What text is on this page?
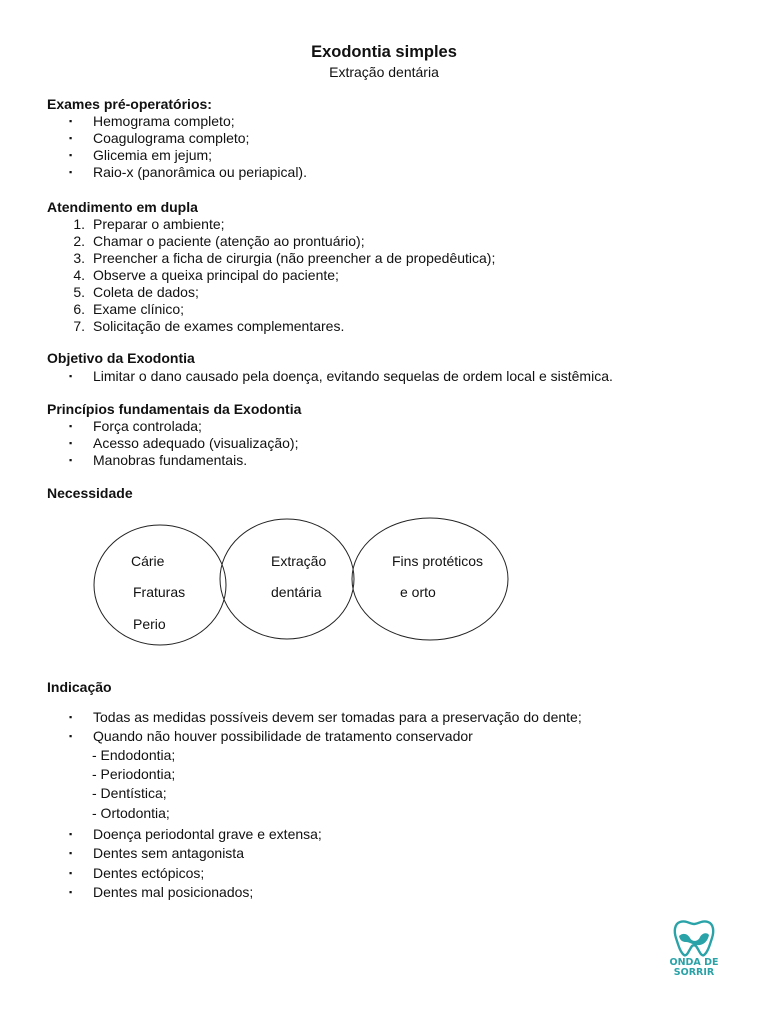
Exodontia simples
Extração dentária
Exames pré-operatórios:
▪ Hemograma completo;
▪ Coagulograma completo;
▪ Glicemia em jejum;
▪ Raio-x (panorâmica ou periapical).
Atendimento em dupla
1. Preparar o ambiente;
2. Chamar o paciente (atenção ao prontuário);
3. Preencher a ficha de cirurgia (não preencher a de propedêutica);
4. Observe a queixa principal do paciente;
5. Coleta de dados;
6. Exame clínico;
7. Solicitação de exames complementares.
Objetivo da Exodontia
▪ Limitar o dano causado pela doença, evitando sequelas de ordem local e sistêmica.
Princípios fundamentais da Exodontia
▪ Força controlada;
▪ Acesso adequado (visualização);
▪ Manobras fundamentais.
Necessidade
Cárie
Fraturas
Perio
Extração
dentária
Fins protéticos
e orto
Indicação
▪ Todas as medidas possíveis devem ser tomadas para a preservação do dente;
▪ Quando não houver possibilidade de tratamento conservador
- Endodontia;
- Periodontia;
- Dentística;
- Ortodontia;
▪ Doença periodontal grave e extensa;
▪ Dentes sem antagonista
▪ Dentes ectópicos;
▪ Dentes mal posicionados;
ONDA DE
SORRIR
